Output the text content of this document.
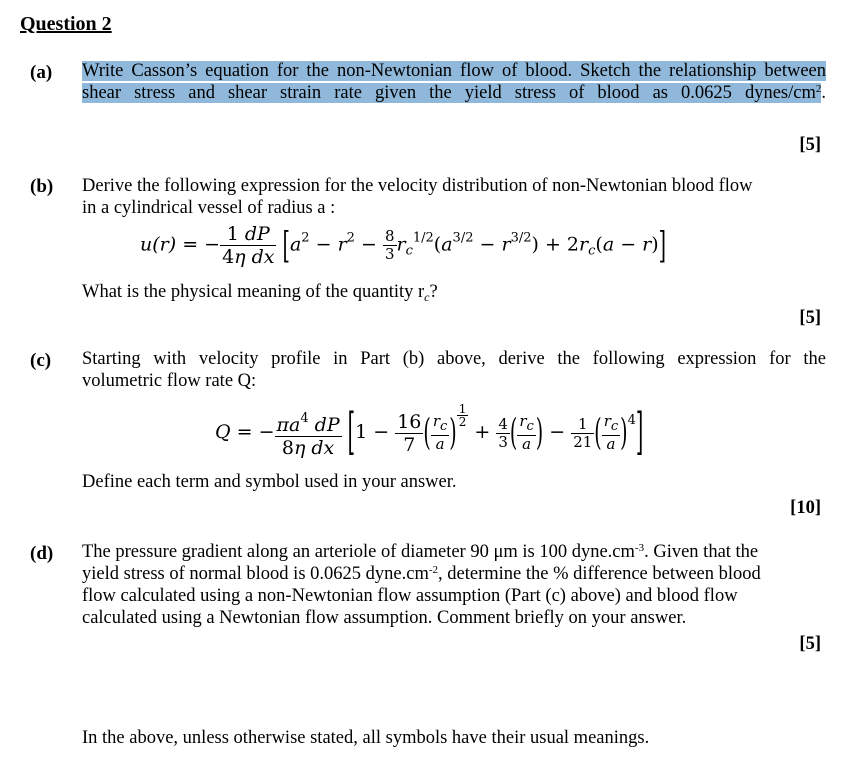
Question 2
(a) Write Casson’s equation for the non-Newtonian flow of blood. Sketch the relationship between shear stress and shear strain rate given the yield stress of blood as 0.0625 dynes/$cm^2$.
[5]
(b) Derive the following expression for the velocity distribution of non-Newtonian blood flow
in a cylindrical vessel of radius a :
u(r) = − $\frac{1 dP}{\text{4η dx}} [a^2 - r^2 - \frac{8}{3} r_c^{1/2}(a^{3/2} - r^{3/2}) + 2r_c(a - r)]$
What is the physical meaning of the quantity $r_c$?
[5]
(c) Starting with velocity profile in Part (b) above, derive the following expression for the
volumetric flow rate Q:
Q = − $\frac{\pi a^4 dP}{\text{8η dx}} [1 - \frac{16}{7}$ ( $\frac{rc}{a}$ ) $\frac{1}{2}$
+ $\frac{4}{3}$ ( $\frac{rc}{a}$ ) − $\frac{1}{21}$ ( $\frac{rc}{a} )^4$]
Define each term and symbol used in your answer.
[10]
(d) The pressure gradient along an arteriole of diameter 90 μm is 100 $dyne.cm^{-3}$. Given that the
yield stress of normal blood is 0.0625 $dyne.cm^{-2}$, determine the % difference between blood
flow calculated using a non-Newtonian flow assumption (Part (c) above) and blood flow
calculated using a Newtonian flow assumption. Comment briefly on your answer.
[5]
In the above, unless otherwise stated, all symbols have their usual meanings.
